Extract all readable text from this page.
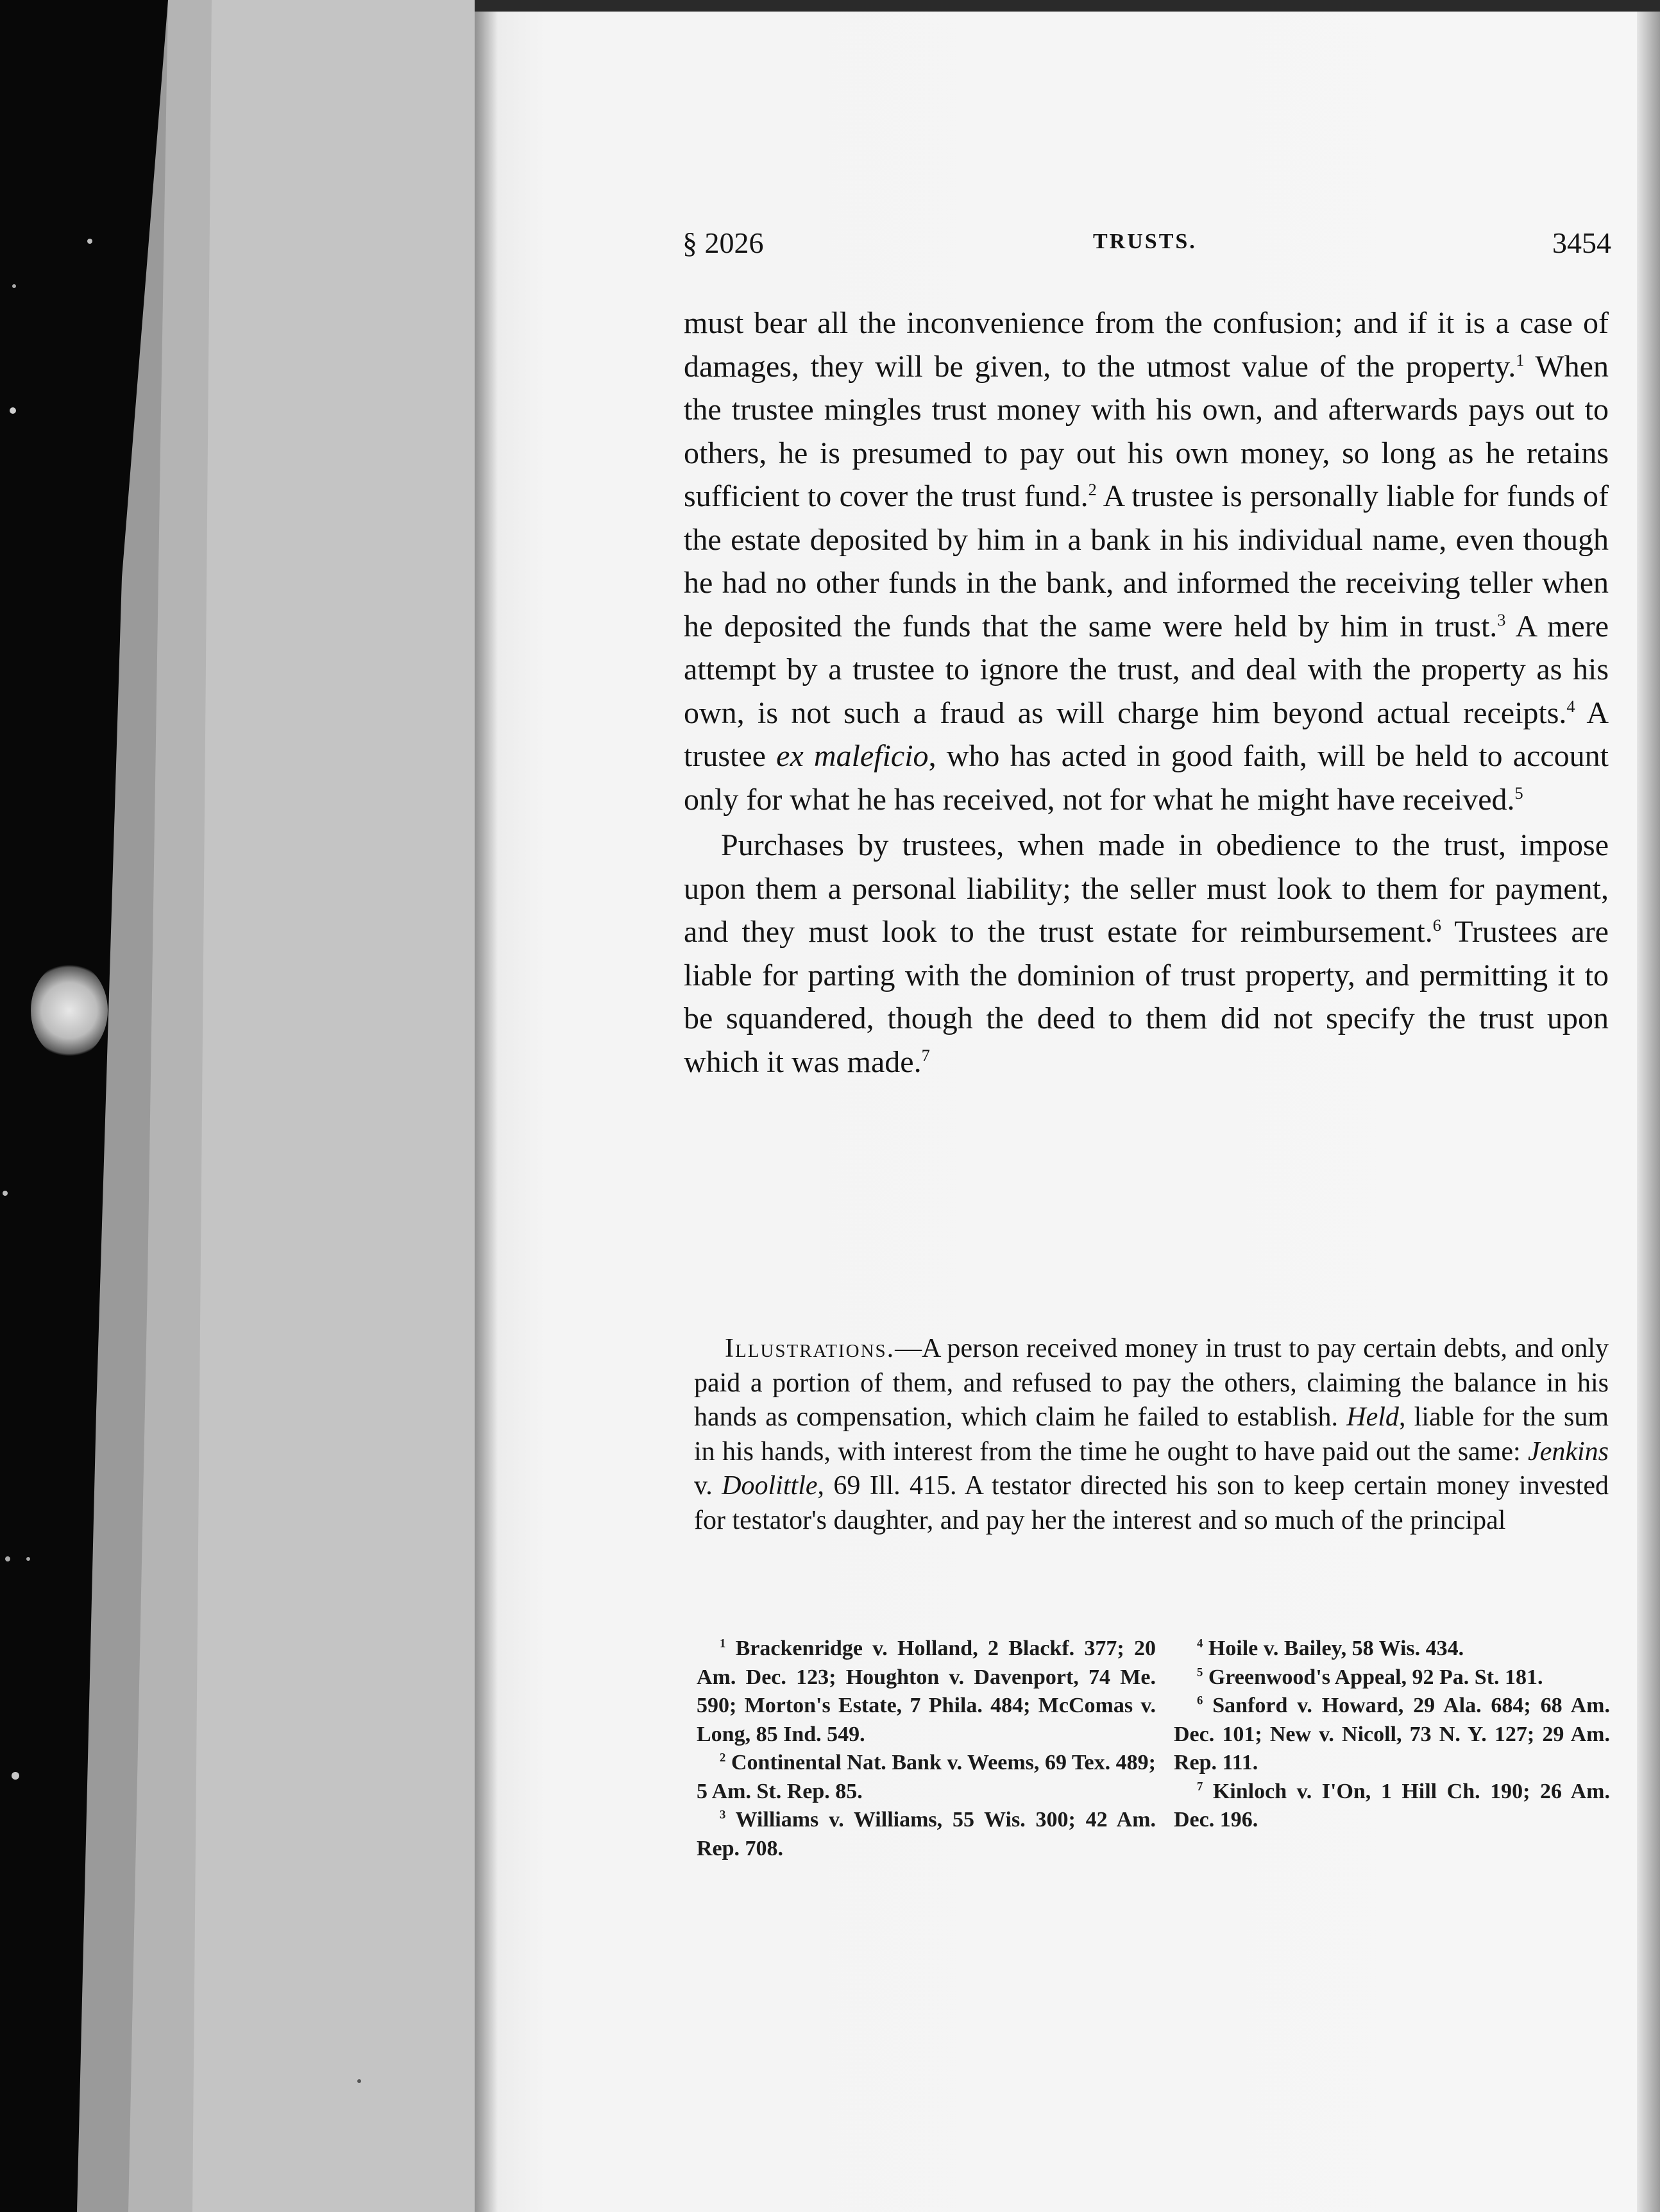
§ 2026	TRUSTS.	3454

must bear all the inconvenience from the confusion; and if it is a case of damages, they will be given, to the utmost value of the property.$^1$ When the trustee mingles trust money with his own, and afterwards pays out to others, he is presumed to pay out his own money, so long as he retains sufficient to cover the trust fund.$^2$ A trustee is personally liable for funds of the estate deposited by him in a bank in his individual name, even though he had no other funds in the bank, and informed the receiving teller when he deposited the funds that the same were held by him in trust.$^3$ A mere attempt by a trustee to ignore the trust, and deal with the property as his own, is not such a fraud as will charge him beyond actual receipts.$^4$ A trustee ex maleficio, who has acted in good faith, will be held to account only for what he has received, not for what he might have received.$^5$

Purchases by trustees, when made in obedience to the trust, impose upon them a personal liability; the seller must look to them for payment, and they must look to the trust estate for reimbursement.$^6$ Trustees are liable for parting with the dominion of trust property, and permitting it to be squandered, though the deed to them did not specify the trust upon which it was made.$^7$

Illustrations.—A person received money in trust to pay certain debts, and only paid a portion of them, and refused to pay the others, claiming the balance in his hands as compensation, which claim he failed to establish. Held, liable for the sum in his hands, with interest from the time he ought to have paid out the same: Jenkins v. Doolittle, 69 Ill. 415. A testator directed his son to keep certain money invested for testator's daughter, and pay her the interest and so much of the principal

$^1$ Brackenridge v. Holland, 2 Blackf. 377; 20 Am. Dec. 123; Houghton v. Davenport, 74 Me. 590; Morton's Estate, 7 Phila. 484; McComas v. Long, 85 Ind. 549.

$^2$ Continental Nat. Bank v. Weems, 69 Tex. 489; 5 Am. St. Rep. 85.

$^3$ Williams v. Williams, 55 Wis. 300; 42 Am. Rep. 708.

$^4$ Hoile v. Bailey, 58 Wis. 434.

$^5$ Greenwood's Appeal, 92 Pa. St. 181.

$^6$ Sanford v. Howard, 29 Ala. 684; 68 Am. Dec. 101; New v. Nicoll, 73 N. Y. 127; 29 Am. Rep. 111.

$^7$ Kinloch v. I'On, 1 Hill Ch. 190; 26 Am. Dec. 196.
